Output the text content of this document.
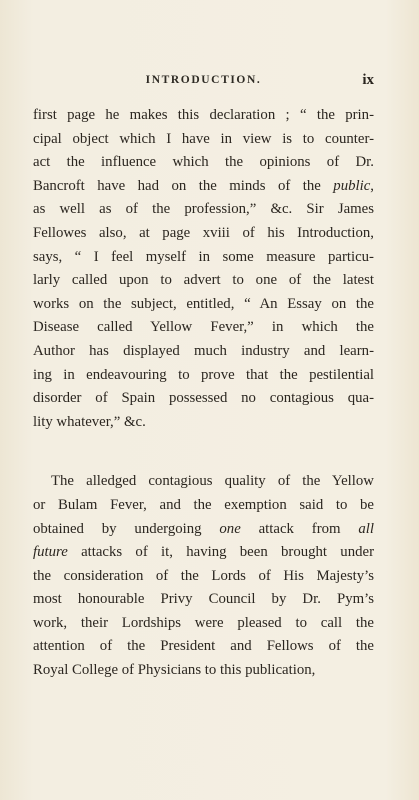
INTRODUCTION.	ix
first page he makes this declaration ; “ the prin-
cipal object which I have in view is to counter-
act the influence which the opinions of Dr.
Bancroft have had on the minds of the public,
as well as of the profession,” &c. Sir James
Fellowes also, at page xviii of his Introduction,
says, “ I feel myself in some measure particu-
larly called upon to advert to one of the latest
works on the subject, entitled, “ An Essay on the
Disease called Yellow Fever,” in which the
Author has displayed much industry and learn-
ing in endeavouring to prove that the pestilential
disorder of Spain possessed no contagious qua-
lity whatever,” &c.
The alledged contagious quality of the Yellow
or Bulam Fever, and the exemption said to be
obtained by undergoing one attack from all
future attacks of it, having been brought under
the consideration of the Lords of His Majesty’s
most honourable Privy Council by Dr. Pym’s
work, their Lordships were pleased to call the
attention of the President and Fellows of the
Royal College of Physicians to this publication,
